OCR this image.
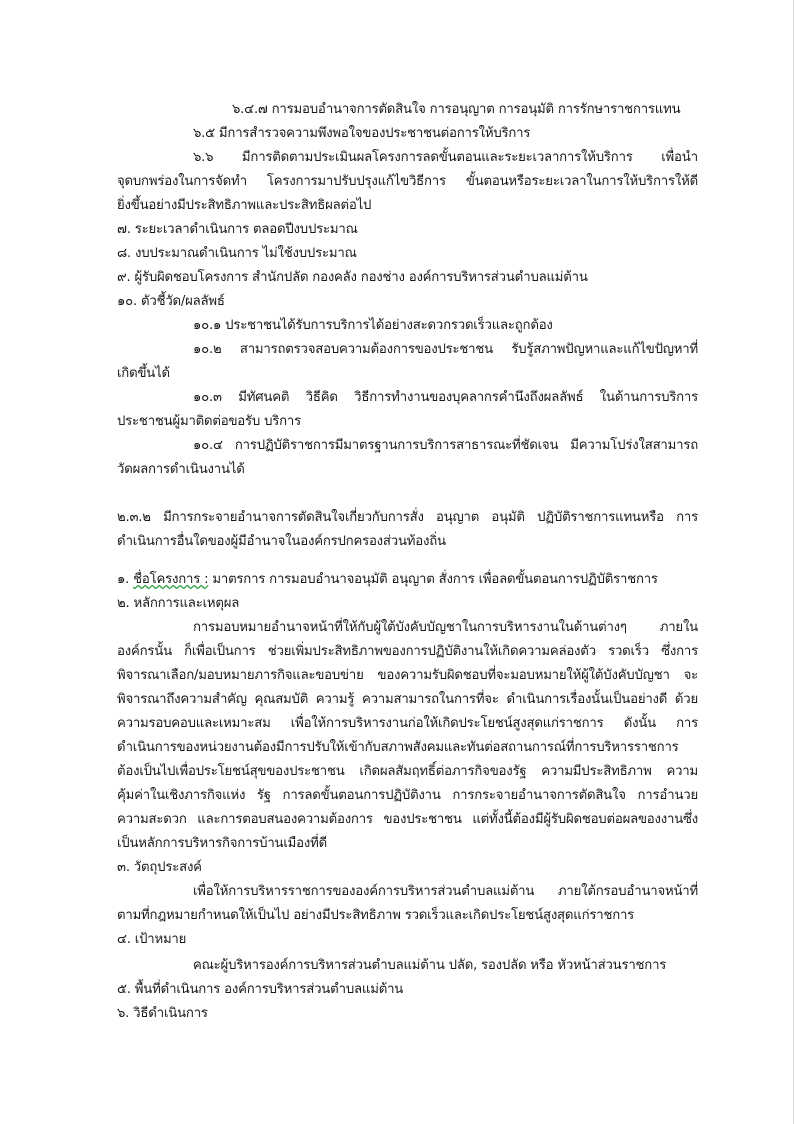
๖.๔.๗ การมอบอำนาจการตัดสินใจ การอนุญาต การอนุมัติ การรักษาราชการแทน
๖.๕ มีการสำรวจความพึงพอใจของประชาชนต่อการให้บริการ
๖.๖ มีการติดตามประเมินผลโครงการลดขั้นตอนและระยะเวลาการให้บริการ เพื่อนำ
จุดบกพร่องในการจัดทำ โครงการมาปรับปรุงแก้ไขวิธีการ ขั้นตอนหรือระยะเวลาในการให้บริการให้ดี
ยิ่งขึ้นอย่างมีประสิทธิภาพและประสิทธิผลต่อไป
๗. ระยะเวลาดำเนินการ ตลอดปีงบประมาณ
๘. งบประมาณดำเนินการ ไม่ใช้งบประมาณ
๙. ผู้รับผิดชอบโครงการ สำนักปลัด กองคลัง กองช่าง องค์การบริหารส่วนตำบลแม่ต้าน
๑๐. ตัวชี้วัด/ผลลัพธ์
๑๐.๑ ประชาชนได้รับการบริการได้อย่างสะดวกรวดเร็วและถูกต้อง
๑๐.๒ สามารถตรวจสอบความต้องการของประชาชน รับรู้สภาพปัญหาและแก้ไขปัญหาที่
เกิดขึ้นได้
๑๐.๓ มีทัศนคติ วิธีคิด วิธีการทำงานของบุคลากรคำนึงถึงผลลัพธ์ ในด้านการบริการ
ประชาชนผู้มาติดต่อขอรับ บริการ
๑๐.๔ การปฏิบัติราชการมีมาตรฐานการบริการสาธารณะที่ชัดเจน มีความโปร่งใสสามารถ
วัดผลการดำเนินงานได้
๒.๓.๒ มีการกระจายอำนาจการตัดสินใจเกี่ยวกับการสั่ง อนุญาต อนุมัติ ปฏิบัติราชการแทนหรือ การ
ดำเนินการอื่นใดของผู้มีอำนาจในองค์กรปกครองส่วนท้องถิ่น
๑. ชื่อโครงการ : มาตรการ การมอบอำนาจอนุมัติ อนุญาต สั่งการ เพื่อลดขั้นตอนการปฏิบัติราชการ
๒. หลักการและเหตุผล
การมอบหมายอำนาจหน้าที่ให้กับผู้ใต้บังคับบัญชาในการบริหารงานในด้านต่างๆ ภายใน
องค์กรนั้น ก็เพื่อเป็นการ ช่วยเพิ่มประสิทธิภาพของการปฏิบัติงานให้เกิดความคล่องตัว รวดเร็ว ซึ่งการ
พิจารณาเลือก/มอบหมายภารกิจและขอบข่าย ของความรับผิดชอบที่จะมอบหมายให้ผู้ใต้บังคับบัญชา จะ
พิจารณาถึงความสำคัญ คุณสมบัติ ความรู้ ความสามารถในการที่จะ ดำเนินการเรื่องนั้นเป็นอย่างดี ด้วย
ความรอบคอบและเหมาะสม เพื่อให้การบริหารงานก่อให้เกิดประโยชน์สูงสุดแก่ราชการ ดังนั้น การ
ดำเนินการของหน่วยงานต้องมีการปรับให้เข้ากับสภาพสังคมและทันต่อสถานการณ์ที่การบริหารราชการ
ต้องเป็นไปเพื่อประโยชน์สุขของประชาชน เกิดผลสัมฤทธิ์ต่อภารกิจของรัฐ ความมีประสิทธิภาพ ความ
คุ้มค่าในเชิงภารกิจแห่ง รัฐ การลดขั้นตอนการปฏิบัติงาน การกระจายอำนาจการตัดสินใจ การอำนวย
ความสะดวก และการตอบสนองความต้องการ ของประชาชน แต่ทั้งนี้ต้องมีผู้รับผิดชอบต่อผลของงานซึ่ง
เป็นหลักการบริหารกิจการบ้านเมืองที่ดี
๓. วัตถุประสงค์
เพื่อให้การบริหารราชการขององค์การบริหารส่วนตำบลแม่ต้าน ภายใต้กรอบอำนาจหน้าที่
ตามที่กฎหมายกำหนดให้เป็นไป อย่างมีประสิทธิภาพ รวดเร็วและเกิดประโยชน์สูงสุดแก่ราชการ
๔. เป้าหมาย
คณะผู้บริหารองค์การบริหารส่วนตำบลแม่ต้าน ปลัด, รองปลัด หรือ หัวหน้าส่วนราชการ
๕. พื้นที่ดำเนินการ องค์การบริหารส่วนตำบลแม่ต้าน
๖. วิธีดำเนินการ
